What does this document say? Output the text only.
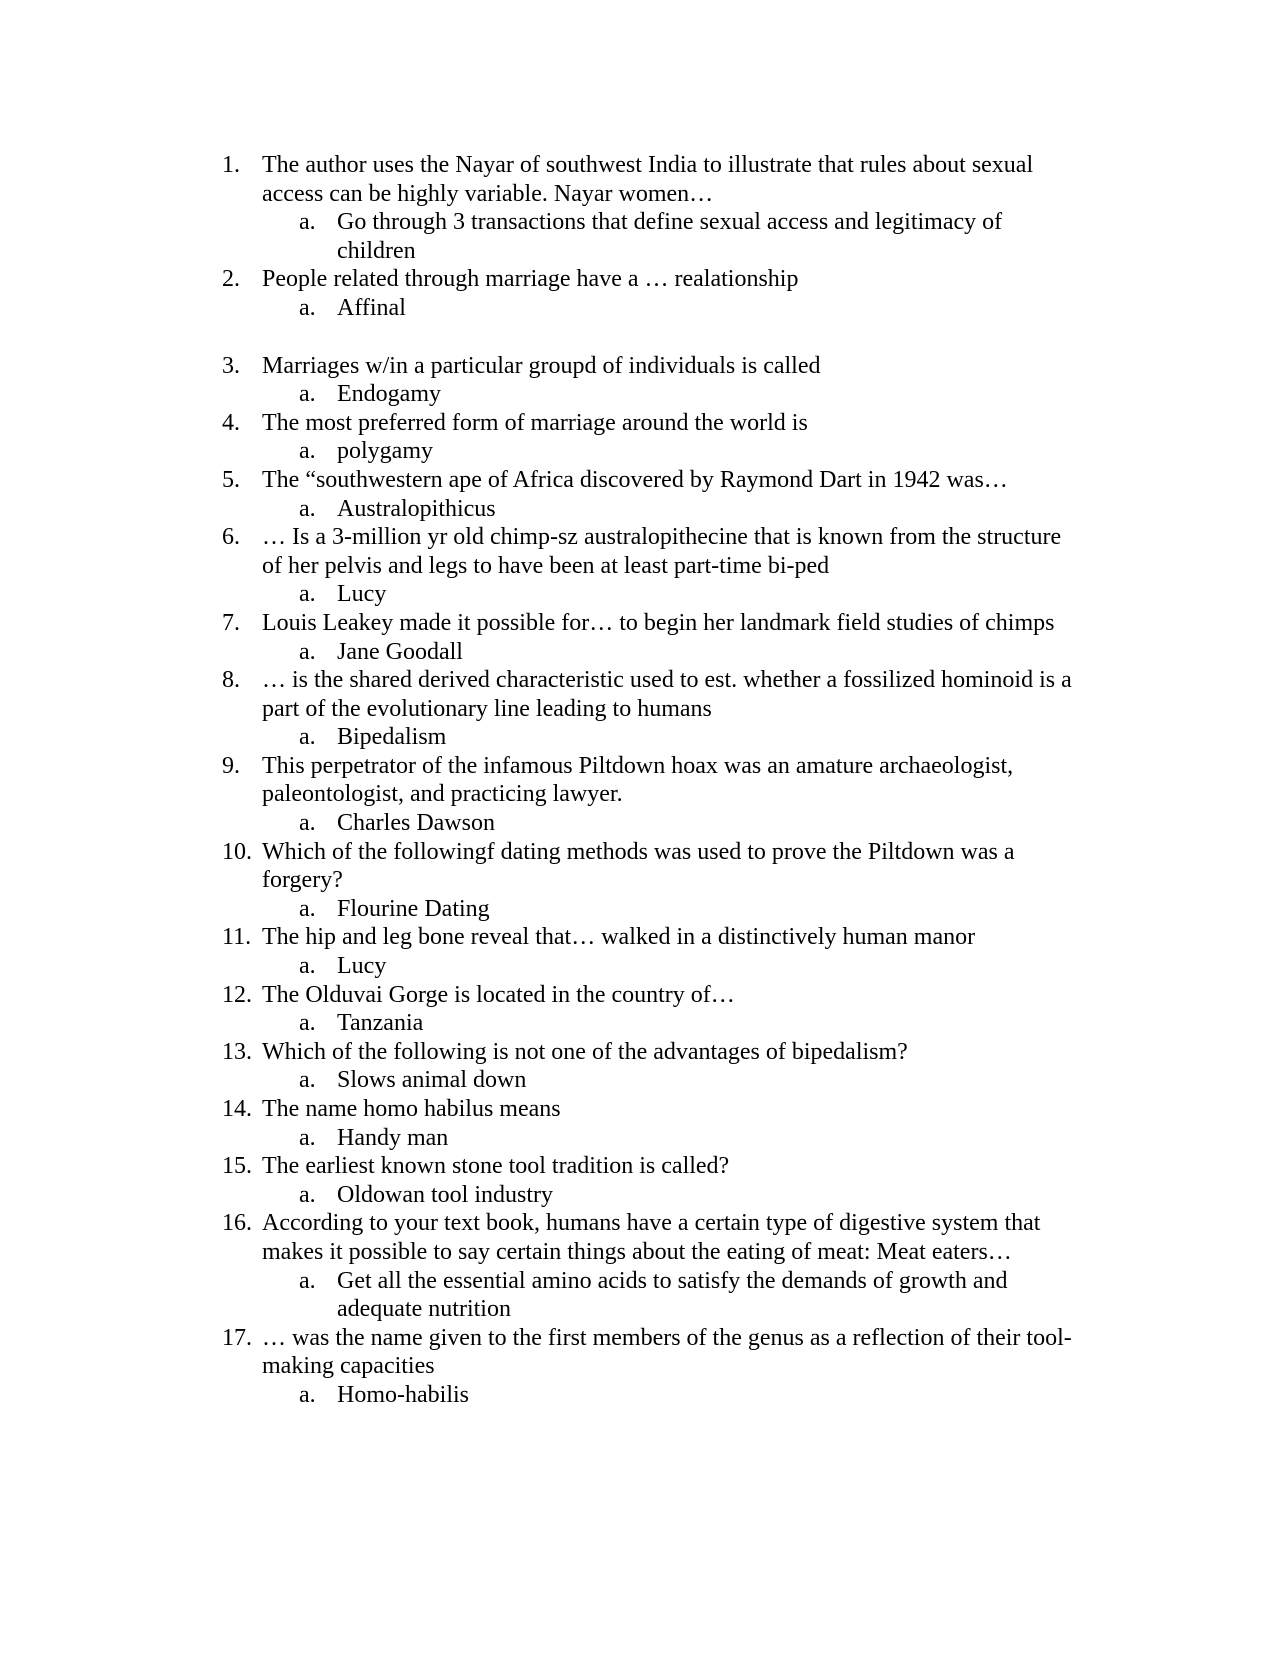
1. The author uses the Nayar of southwest India to illustrate that rules about sexual access can be highly variable. Nayar women…
a. Go through 3 transactions that define sexual access and legitimacy of children
2. People related through marriage have a … realationship
a. Affinal
3. Marriages w/in a particular groupd of individuals is called
a. Endogamy
4. The most preferred form of marriage around the world is
a. polygamy
5. The “southwestern ape of Africa discovered by Raymond Dart in 1942 was…
a. Australopithicus
6. … Is a 3-million yr old chimp-sz australopithecine that is known from the structure of her pelvis and legs to have been at least part-time bi-ped
a. Lucy
7. Louis Leakey made it possible for… to begin her landmark field studies of chimps
a. Jane Goodall
8. … is the shared derived characteristic used to est. whether a fossilized hominoid is a part of the evolutionary line leading to humans
a. Bipedalism
9. This perpetrator of the infamous Piltdown hoax was an amature archaeologist, paleontologist, and practicing lawyer.
a. Charles Dawson
10. Which of the followingf dating methods was used to prove the Piltdown was a forgery?
a. Flourine Dating
11. The hip and leg bone reveal that… walked in a distinctively human manor
a. Lucy
12. The Olduvai Gorge is located in the country of…
a. Tanzania
13. Which of the following is not one of the advantages of bipedalism?
a. Slows animal down
14. The name homo habilus means
a. Handy man
15. The earliest known stone tool tradition is called?
a. Oldowan tool industry
16. According to your text book, humans have a certain type of digestive system that makes it possible to say certain things about the eating of meat: Meat eaters…
a. Get all the essential amino acids to satisfy the demands of growth and adequate nutrition
17. … was the name given to the first members of the genus as a reflection of their tool-making capacities
a. Homo-habilis
